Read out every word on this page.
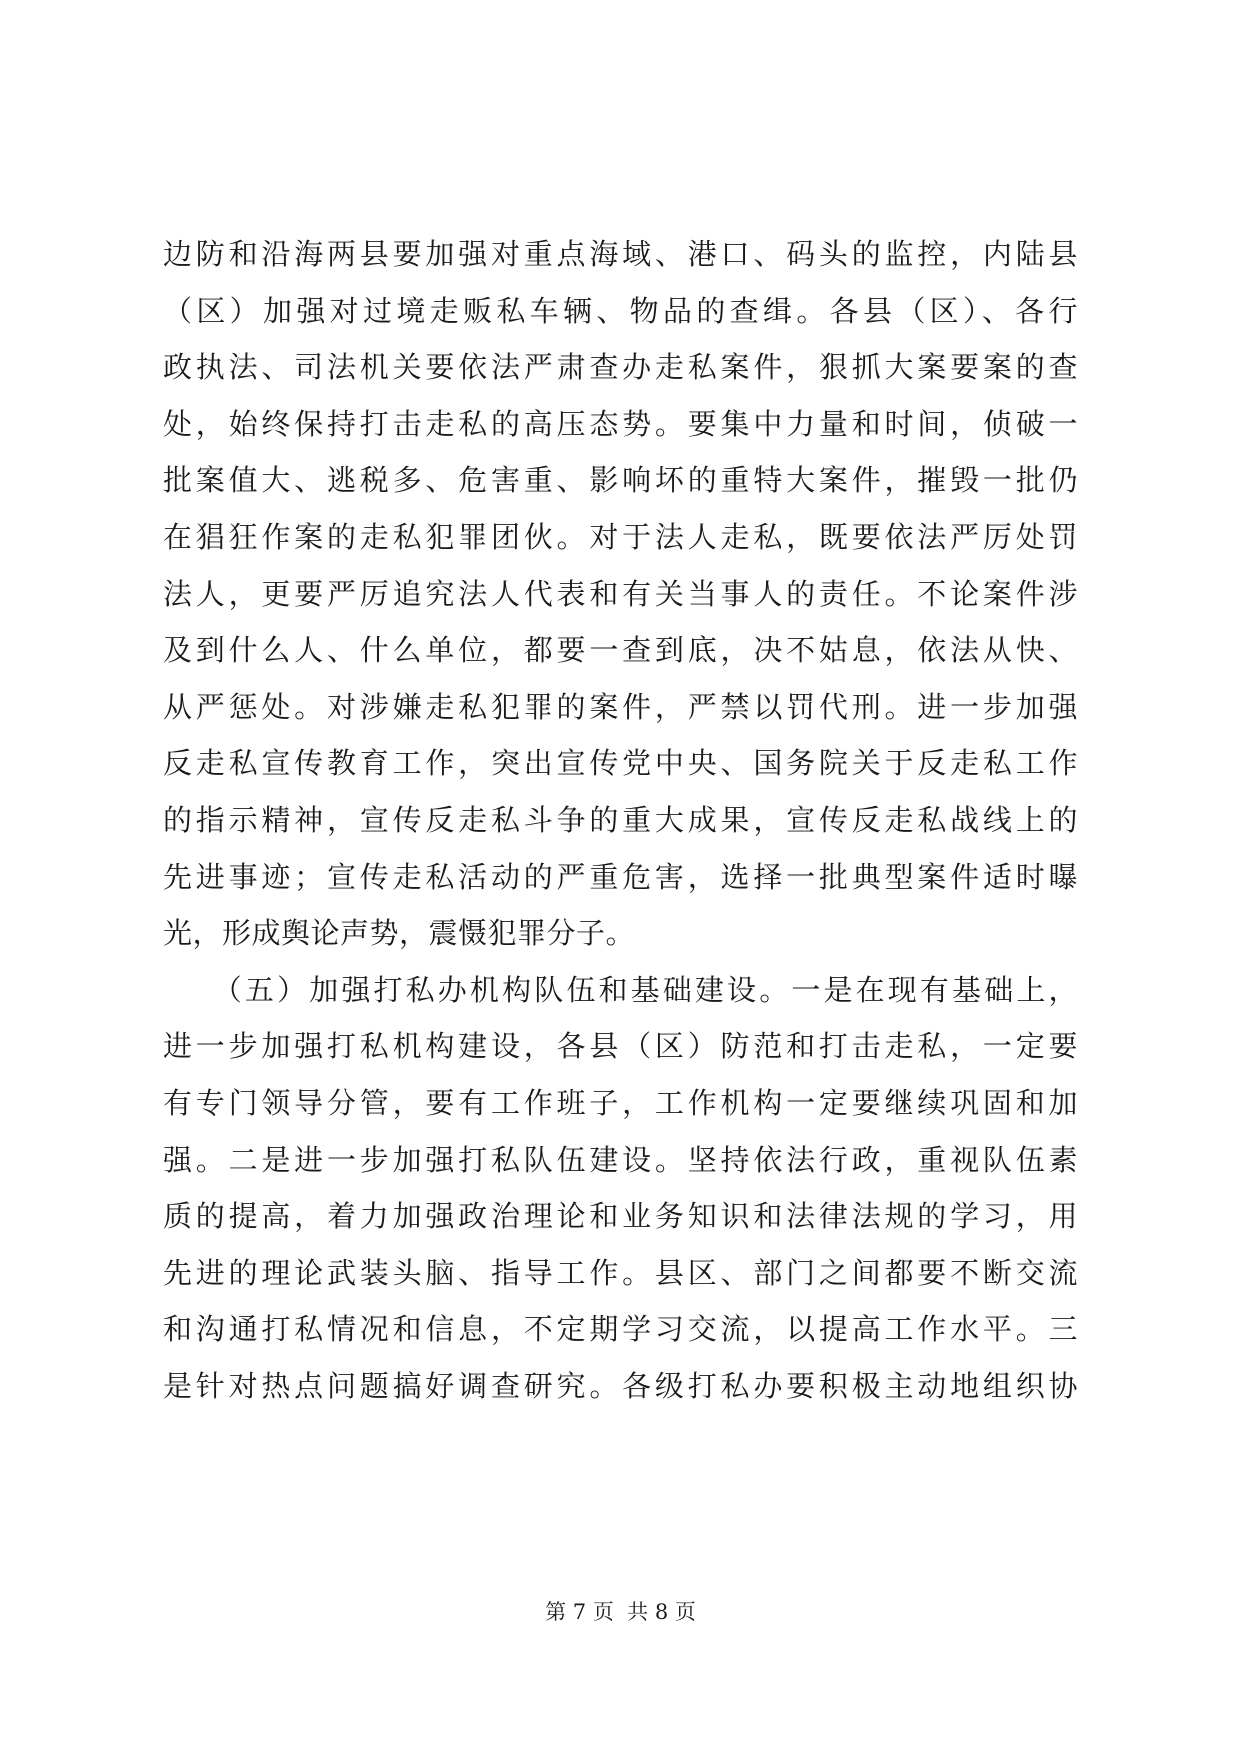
边防和沿海两县要加强对重点海域、港口、码头的监控，内陆县
（区）加强对过境走贩私车辆、物品的查缉。各县（区）、各行
政执法、司法机关要依法严肃查办走私案件，狠抓大案要案的查
处，始终保持打击走私的高压态势。要集中力量和时间，侦破一
批案值大、逃税多、危害重、影响坏的重特大案件，摧毁一批仍
在猖狂作案的走私犯罪团伙。对于法人走私，既要依法严厉处罚
法人，更要严厉追究法人代表和有关当事人的责任。不论案件涉
及到什么人、什么单位，都要一查到底，决不姑息，依法从快、
从严惩处。对涉嫌走私犯罪的案件，严禁以罚代刑。进一步加强
反走私宣传教育工作，突出宣传党中央、国务院关于反走私工作
的指示精神，宣传反走私斗争的重大成果，宣传反走私战线上的
先进事迹；宣传走私活动的严重危害，选择一批典型案件适时曝
光，形成舆论声势，震慑犯罪分子。
　　（五）加强打私办机构队伍和基础建设。一是在现有基础上，
进一步加强打私机构建设，各县（区）防范和打击走私，一定要
有专门领导分管，要有工作班子，工作机构一定要继续巩固和加
强。二是进一步加强打私队伍建设。坚持依法行政，重视队伍素
质的提高，着力加强政治理论和业务知识和法律法规的学习，用
先进的理论武装头脑、指导工作。县区、部门之间都要不断交流
和沟通打私情况和信息，不定期学习交流，以提高工作水平。三
是针对热点问题搞好调查研究。各级打私办要积极主动地组织协
第 7 页  共 8 页
